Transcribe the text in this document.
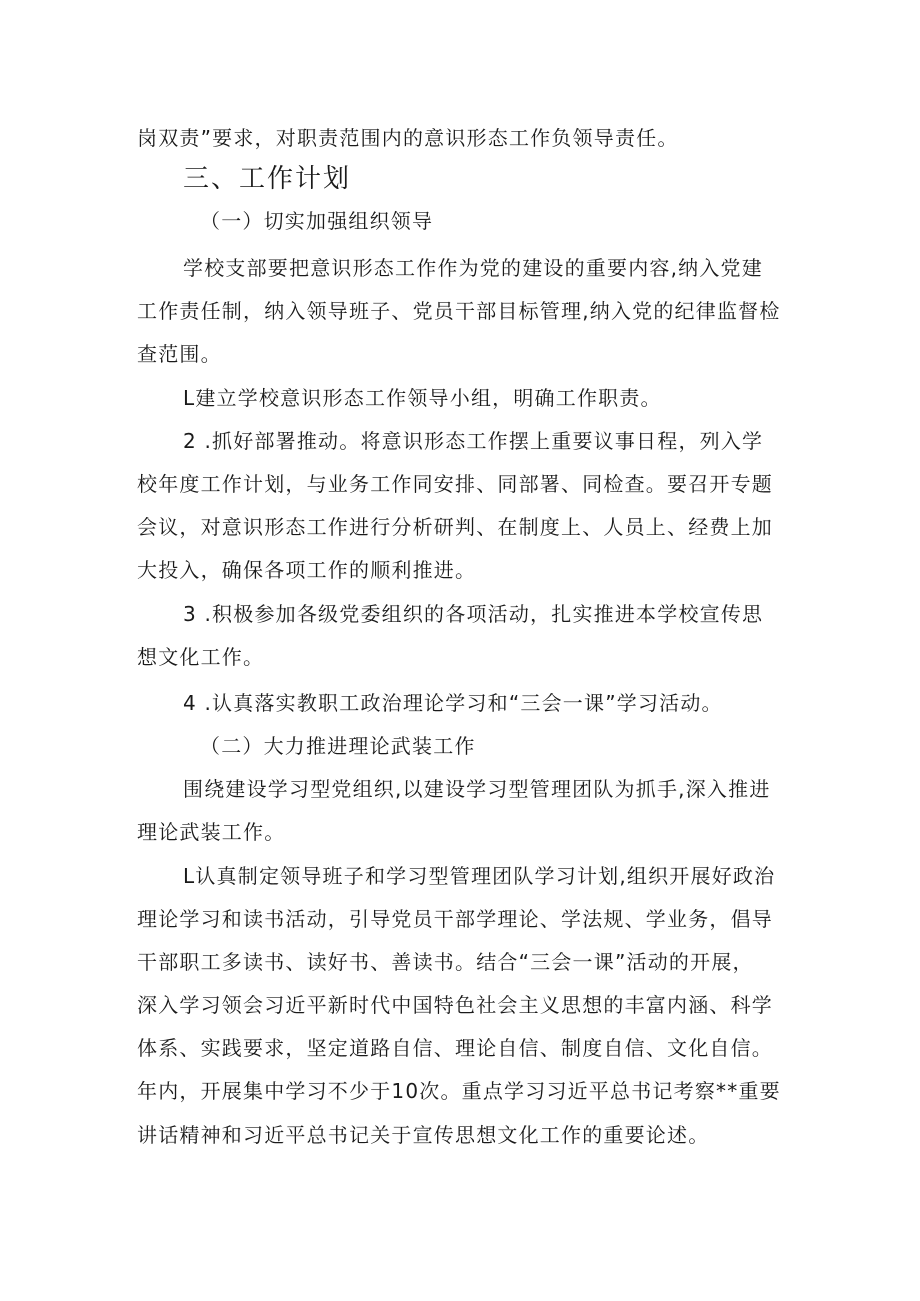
岗双责”要求，对职责范围内的意识形态工作负领导责任。
三、工作计划
（一）切实加强组织领导
学校支部要把意识形态工作作为党的建设的重要内容,纳入党建
工作责任制，纳入领导班子、党员干部目标管理,纳入党的纪律监督检
查范围。
L建立学校意识形态工作领导小组，明确工作职责。
2 .抓好部署推动。将意识形态工作摆上重要议事日程，列入学
校年度工作计划，与业务工作同安排、同部署、同检查。要召开专题
会议，对意识形态工作进行分析研判、在制度上、人员上、经费上加
大投入，确保各项工作的顺利推进。
3 .积极参加各级党委组织的各项活动，扎实推进本学校宣传思
想文化工作。
4 .认真落实教职工政治理论学习和“三会一课”学习活动。
（二）大力推进理论武装工作
围绕建设学习型党组织,以建设学习型管理团队为抓手,深入推进
理论武装工作。
L认真制定领导班子和学习型管理团队学习计划,组织开展好政治
理论学习和读书活动，引导党员干部学理论、学法规、学业务，倡导
干部职工多读书、读好书、善读书。结合“三会一课”活动的开展，
深入学习领会习近平新时代中国特色社会主义思想的丰富内涵、科学
体系、实践要求，坚定道路自信、理论自信、制度自信、文化自信。
年内，开展集中学习不少于10次。重点学习习近平总书记考察**重要
讲话精神和习近平总书记关于宣传思想文化工作的重要论述。
